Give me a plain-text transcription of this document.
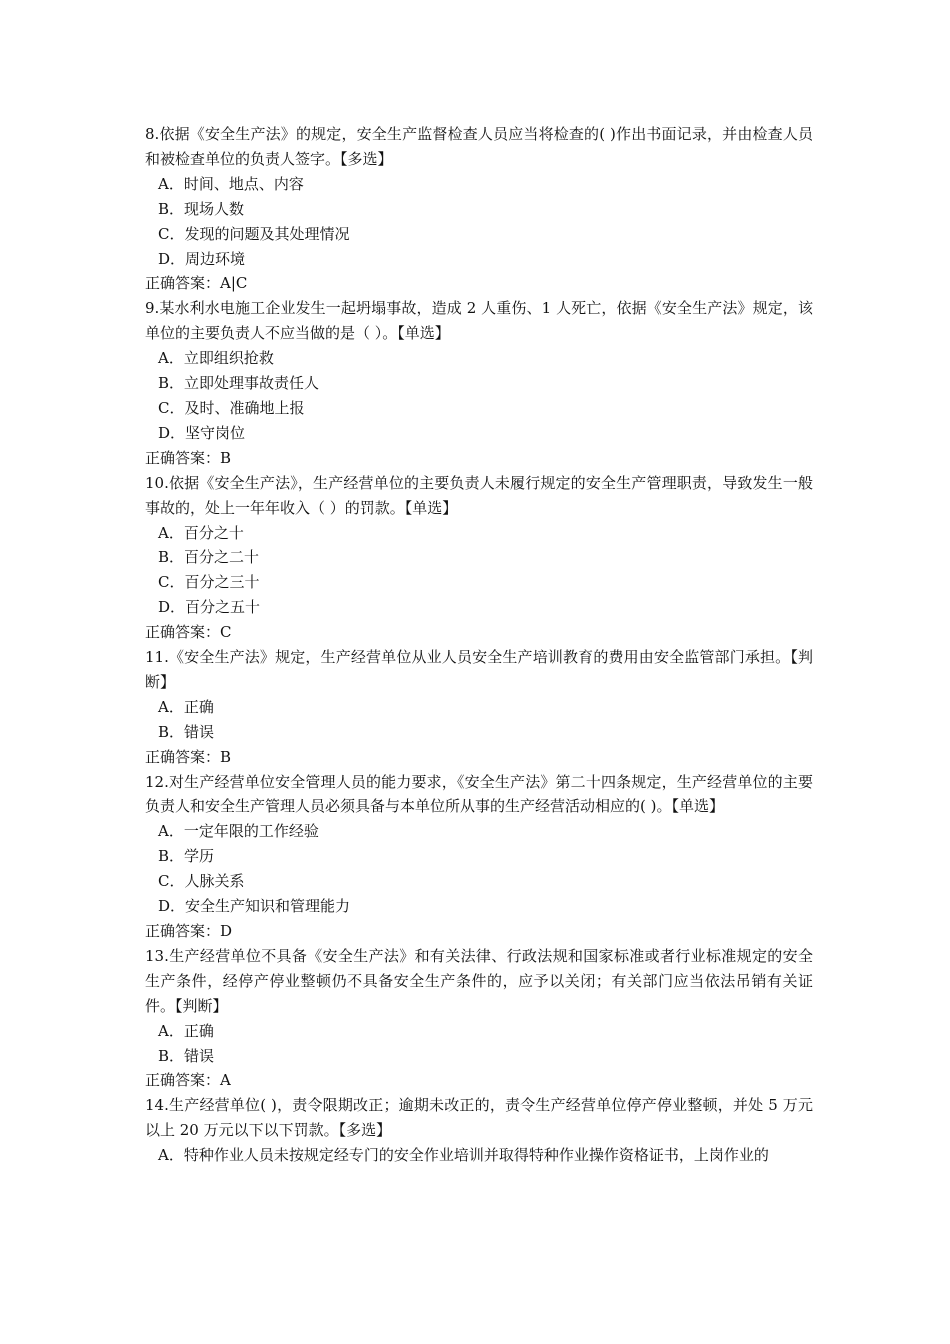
8.依据《安全生产法》的规定，安全生产监督检查人员应当将检查的( )作出书面记录，并由检查人员和被检查单位的负责人签字。【多选】

A．时间、地点、内容

B．现场人数

C．发现的问题及其处理情况

D．周边环境

正确答案：A|C

9.某水利水电施工企业发生一起坍塌事故，造成 2 人重伤、1 人死亡，依据《安全生产法》规定，该单位的主要负责人不应当做的是（ ）。【单选】

A．立即组织抢救

B．立即处理事故责任人

C．及时、准确地上报

D．坚守岗位

正确答案：B

10.依据《安全生产法》，生产经营单位的主要负责人未履行规定的安全生产管理职责，导致发生一般事故的，处上一年年收入（ ）的罚款。【单选】

A．百分之十

B．百分之二十

C．百分之三十

D．百分之五十

正确答案：C

11.《安全生产法》规定，生产经营单位从业人员安全生产培训教育的费用由安全监管部门承担。【判断】

A．正确

B．错误

正确答案：B

12.对生产经营单位安全管理人员的能力要求，《安全生产法》第二十四条规定，生产经营单位的主要负责人和安全生产管理人员必须具备与本单位所从事的生产经营活动相应的( )。【单选】

A．一定年限的工作经验

B．学历

C．人脉关系

D．安全生产知识和管理能力

正确答案：D

13.生产经营单位不具备《安全生产法》和有关法律、行政法规和国家标准或者行业标准规定的安全生产条件，经停产停业整顿仍不具备安全生产条件的，应予以关闭；有关部门应当依法吊销有关证件。【判断】

A．正确

B．错误

正确答案：A

14.生产经营单位( )，责令限期改正；逾期未改正的，责令生产经营单位停产停业整顿，并处 5 万元以上 20 万元以下以下罚款。【多选】

A．特种作业人员未按规定经专门的安全作业培训并取得特种作业操作资格证书，上岗作业的
